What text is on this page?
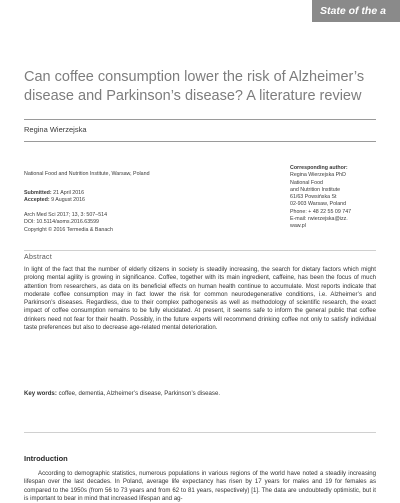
State of the a
Can coffee consumption lower the risk of Alzheimer’s disease and Parkinson’s disease? A literature review
Regina Wierzejska
National Food and Nutrition Institute, Warsaw, Poland
Submitted: 21 April 2016
Accepted: 9 August 2016
Arch Med Sci 2017; 13, 3: 507–514
DOI: 10.5114/aoms.2016.63599
Copyright © 2016 Termedia & Banach
Corresponding author:
Regina Wierzejska PhD
National Food
and Nutrition Institute
61/63 Powsińska St
02-903 Warsaw, Poland
Phone: + 48 22 55 09 747
E-mail: rwierzejska@izz.
waw.pl
Abstract
In light of the fact that the number of elderly citizens in society is steadily increasing, the search for dietary factors which might prolong mental agility is growing in significance. Coffee, together with its main ingredient, caffeine, has been the focus of much attention from researchers, as data on its beneficial effects on human health continue to accumulate. Most reports indicate that moderate coffee consumption may in fact lower the risk for common neurodegenerative conditions, i.e. Alzheimer’s and Parkinson’s diseases. Regardless, due to their complex pathogenesis as well as methodology of scientific research, the exact impact of coffee consumption remains to be fully elucidated. At present, it seems safe to inform the general public that coffee drinkers need not fear for their health. Possibly, in the future experts will recommend drinking coffee not only to satisfy individual taste preferences but also to decrease age-related mental deterioration.
Key words: coffee, dementia, Alzheimer’s disease, Parkinson’s disease.
Introduction
According to demographic statistics, numerous populations in various regions of the world have noted a steadily increasing lifespan over the last decades. In Poland, average life expectancy has risen by 17 years for males and 19 for females as compared to the 1950s (from 56 to 73 years and from 62 to 81 years, respectively) [1]. The data are undoubtedly optimistic, but it is important to bear in mind that increased lifespan and ag-
